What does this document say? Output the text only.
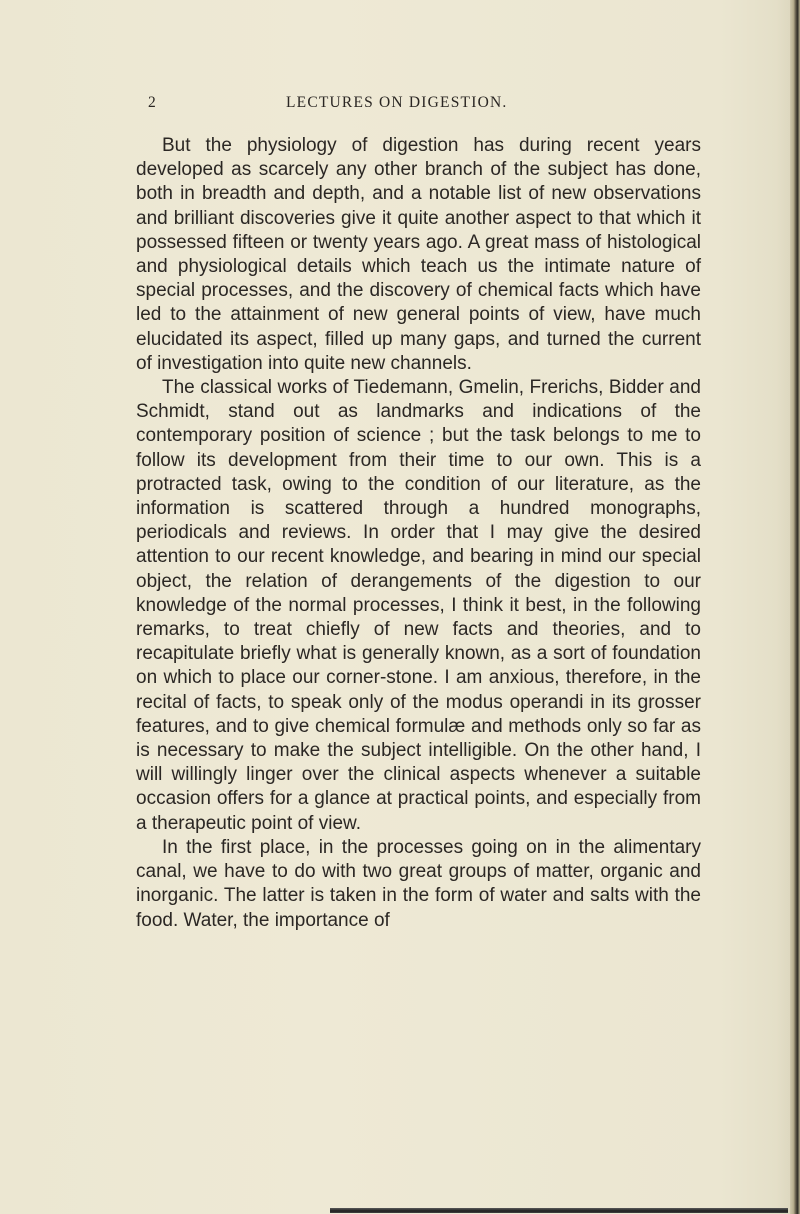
2	LECTURES ON DIGESTION.

But the physiology of digestion has during recent years developed as scarcely any other branch of the subject has done, both in breadth and depth, and a notable list of new observations and brilliant discoveries give it quite another aspect to that which it possessed fifteen or twenty years ago. A great mass of histological and physiological details which teach us the intimate nature of special processes, and the discovery of chemical facts which have led to the attainment of new general points of view, have much elucidated its aspect, filled up many gaps, and turned the current of investigation into quite new channels.

The classical works of Tiedemann, Gmelin, Frerichs, Bidder and Schmidt, stand out as landmarks and indications of the contemporary position of science ; but the task belongs to me to follow its development from their time to our own. This is a protracted task, owing to the condition of our literature, as the information is scattered through a hundred monographs, periodicals and reviews. In order that I may give the desired attention to our recent knowledge, and bearing in mind our special object, the relation of derangements of the digestion to our knowledge of the normal processes, I think it best, in the following remarks, to treat chiefly of new facts and theories, and to recapitulate briefly what is generally known, as a sort of foundation on which to place our corner-stone. I am anxious, therefore, in the recital of facts, to speak only of the modus operandi in its grosser features, and to give chemical formulæ and methods only so far as is necessary to make the subject intelligible. On the other hand, I will willingly linger over the clinical aspects whenever a suitable occasion offers for a glance at practical points, and especially from a therapeutic point of view.

In the first place, in the processes going on in the alimentary canal, we have to do with two great groups of matter, organic and inorganic. The latter is taken in the form of water and salts with the food. Water, the importance of
